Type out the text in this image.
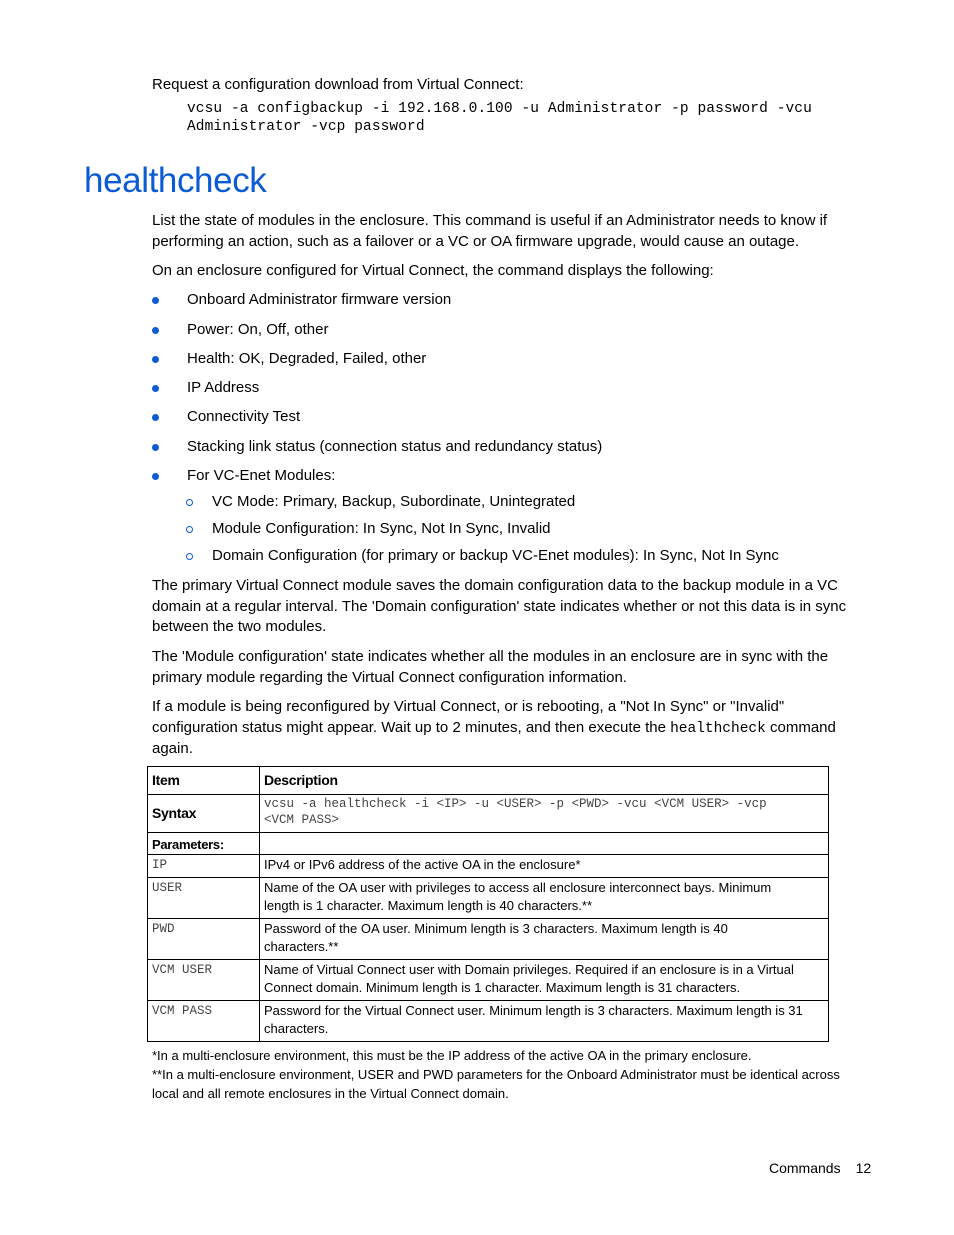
Request a configuration download from Virtual Connect:
vcsu -a configbackup -i 192.168.0.100 -u Administrator -p password -vcu
Administrator -vcp password
healthcheck
List the state of modules in the enclosure. This command is useful if an Administrator needs to know if
performing an action, such as a failover or a VC or OA firmware upgrade, would cause an outage.
On an enclosure configured for Virtual Connect, the command displays the following:
Onboard Administrator firmware version
Power: On, Off, other
Health: OK, Degraded, Failed, other
IP Address
Connectivity Test
Stacking link status (connection status and redundancy status)
For VC-Enet Modules:
VC Mode: Primary, Backup, Subordinate, Unintegrated
Module Configuration: In Sync, Not In Sync, Invalid
Domain Configuration (for primary or backup VC-Enet modules): In Sync, Not In Sync
The primary Virtual Connect module saves the domain configuration data to the backup module in a VC
domain at a regular interval. The 'Domain configuration' state indicates whether or not this data is in sync
between the two modules.
The 'Module configuration' state indicates whether all the modules in an enclosure are in sync with the
primary module regarding the Virtual Connect configuration information.
If a module is being reconfigured by Virtual Connect, or is rebooting, a "Not In Sync" or "Invalid"
configuration status might appear. Wait up to 2 minutes, and then execute the healthcheck command
again.
Item	Description
Syntax	vcsu -a healthcheck -i <IP> -u <USER> -p <PWD> -vcu <VCM USER> -vcp
<VCM PASS>

Parameters:	
IP	IPv4 or IPv6 address of the active OA in the enclosure*

USER	Name of the OA user with privileges to access all enclosure interconnect bays. Minimum
length is 1 character. Maximum length is 40 characters.**

PWD	Password of the OA user. Minimum length is 3 characters. Maximum length is 40
characters.**

VCM USER	Name of Virtual Connect user with Domain privileges. Required if an enclosure is in a Virtual
Connect domain. Minimum length is 1 character. Maximum length is 31 characters.

VCM PASS	Password for the Virtual Connect user. Minimum length is 3 characters. Maximum length is 31
characters.
*In a multi-enclosure environment, this must be the IP address of the active OA in the primary enclosure.
**In a multi-enclosure environment, USER and PWD parameters for the Onboard Administrator must be identical across
local and all remote enclosures in the Virtual Connect domain.
Commands 12
